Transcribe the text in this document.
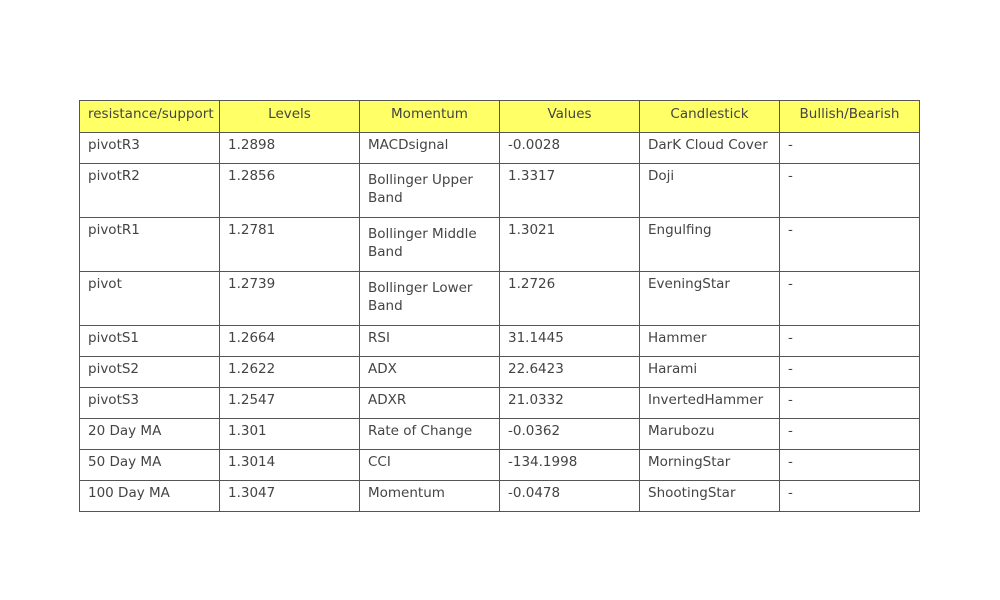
resistance/support	Levels	Momentum	Values	Candlestick	Bullish/Bearish
pivotR3	1.2898	MACDsignal	-0.0028	DarK Cloud Cover	-
pivotR2	1.2856	Bollinger Upper Band	1.3317	Doji	-
pivotR1	1.2781	Bollinger Middle Band	1.3021	Engulfing	-
pivot	1.2739	Bollinger Lower Band	1.2726	EveningStar	-
pivotS1	1.2664	RSI	31.1445	Hammer	-
pivotS2	1.2622	ADX	22.6423	Harami	-
pivotS3	1.2547	ADXR	21.0332	InvertedHammer	-
20 Day MA	1.301	Rate of Change	-0.0362	Marubozu	-
50 Day MA	1.3014	CCI	-134.1998	MorningStar	-
100 Day MA	1.3047	Momentum	-0.0478	ShootingStar	-
